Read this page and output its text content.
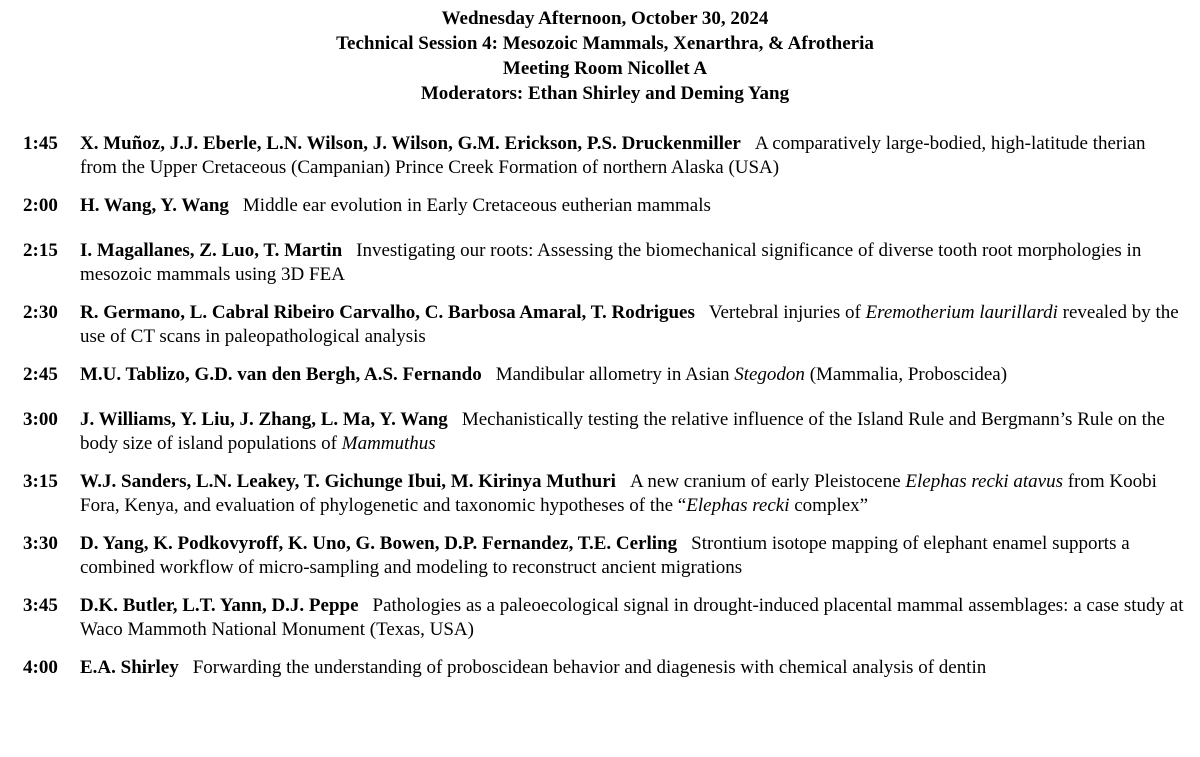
Wednesday Afternoon, October 30, 2024
Technical Session 4: Mesozoic Mammals, Xenarthra, & Afrotheria
Meeting Room Nicollet A
Moderators: Ethan Shirley and Deming Yang
1:45 X. Muñoz, J.J. Eberle, L.N. Wilson, J. Wilson, G.M. Erickson, P.S. Druckenmiller A comparatively large-bodied, high-latitude therian from the Upper Cretaceous (Campanian) Prince Creek Formation of northern Alaska (USA)
2:00 H. Wang, Y. Wang Middle ear evolution in Early Cretaceous eutherian mammals
2:15 I. Magallanes, Z. Luo, T. Martin Investigating our roots: Assessing the biomechanical significance of diverse tooth root morphologies in mesozoic mammals using 3D FEA
2:30 R. Germano, L. Cabral Ribeiro Carvalho, C. Barbosa Amaral, T. Rodrigues Vertebral injuries of Eremotherium laurillardi revealed by the use of CT scans in paleopathological analysis
2:45 M.U. Tablizo, G.D. van den Bergh, A.S. Fernando Mandibular allometry in Asian Stegodon (Mammalia, Proboscidea)
3:00 J. Williams, Y. Liu, J. Zhang, L. Ma, Y. Wang Mechanistically testing the relative influence of the Island Rule and Bergmann’s Rule on the body size of island populations of Mammuthus
3:15 W.J. Sanders, L.N. Leakey, T. Gichunge Ibui, M. Kirinya Muthuri A new cranium of early Pleistocene Elephas recki atavus from Koobi Fora, Kenya, and evaluation of phylogenetic and taxonomic hypotheses of the “Elephas recki complex”
3:30 D. Yang, K. Podkovyroff, K. Uno, G. Bowen, D.P. Fernandez, T.E. Cerling Strontium isotope mapping of elephant enamel supports a combined workflow of micro-sampling and modeling to reconstruct ancient migrations
3:45 D.K. Butler, L.T. Yann, D.J. Peppe Pathologies as a paleoecological signal in drought-induced placental mammal assemblages: a case study at Waco Mammoth National Monument (Texas, USA)
4:00 E.A. Shirley Forwarding the understanding of proboscidean behavior and diagenesis with chemical analysis of dentin
